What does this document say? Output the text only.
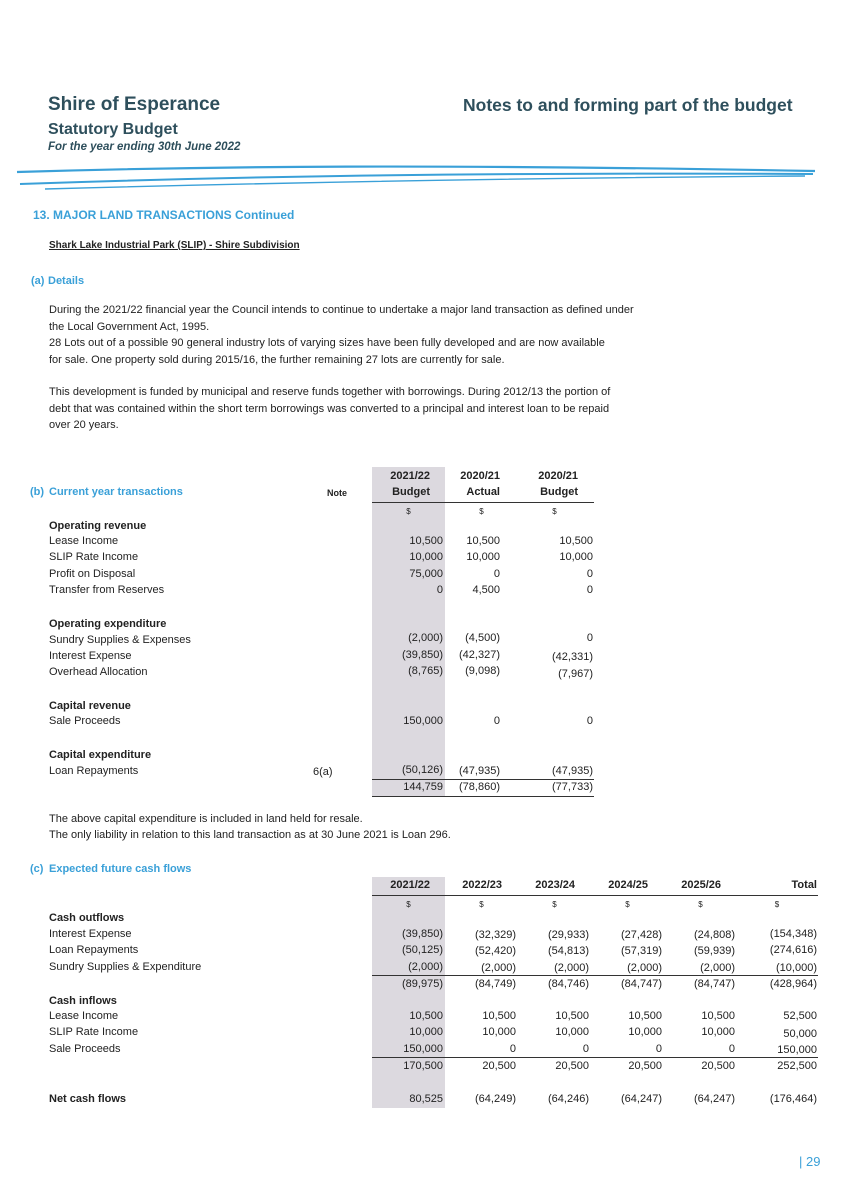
Shire of Esperance
Statutory Budget
For the year ending 30th June 2022
Notes to and forming part of the budget
13. MAJOR LAND TRANSACTIONS Continued
Shark Lake Industrial Park (SLIP) - Shire Subdivision
(a) Details
During the 2021/22 financial year the Council intends to continue to undertake a major land transaction as defined under
the Local Government Act, 1995.
28 Lots out of a possible 90 general industry lots of varying sizes have been fully developed and are now available
for sale. One property sold during 2015/16, the further remaining 27 lots are currently for sale.
This development is funded by municipal and reserve funds together with borrowings. During 2012/13 the portion of
debt that was contained within the short term borrowings was converted to a principal and interest loan to be repaid
over 20 years.
2021/22	2020/21	2020/21
(b) Current year transactions	Note	Budget	Actual	Budget
$	$	$
Operating revenue
Lease Income	10,500	10,500	10,500
SLIP Rate Income	10,000	10,000	10,000
Profit on Disposal	75,000	0	0
Transfer from Reserves	0	4,500	0
Operating expenditure
Sundry Supplies & Expenses	(2,000)	(4,500)	0
Interest Expense	(39,850)	(42,327)	(42,331)
Overhead Allocation	(8,765)	(9,098)	(7,967)
Capital revenue
Sale Proceeds	150,000	0	0
Capital expenditure
Loan Repayments	6(a)	(50,126)	(47,935)	(47,935)
144,759	(78,860)	(77,733)
The above capital expenditure is included in land held for resale.
The only liability in relation to this land transaction as at 30 June 2021 is Loan 296.
(c) Expected future cash flows
2021/22	2022/23	2023/24	2024/25	2025/26	Total
$	$	$	$	$	$
Cash outflows
Interest Expense	(39,850)	(32,329)	(29,933)	(27,428)	(24,808)	(154,348)
Loan Repayments	(50,125)	(52,420)	(54,813)	(57,319)	(59,939)	(274,616)
Sundry Supplies & Expenditure	(2,000)	(2,000)	(2,000)	(2,000)	(2,000)	(10,000)
(89,975)	(84,749)	(84,746)	(84,747)	(84,747)	(428,964)
Cash inflows
Lease Income	10,500	10,500	10,500	10,500	10,500	52,500
SLIP Rate Income	10,000	10,000	10,000	10,000	10,000	50,000
Sale Proceeds	150,000	0	0	0	0	150,000
170,500	20,500	20,500	20,500	20,500	252,500
Net cash flows	80,525	(64,249)	(64,246)	(64,247)	(64,247)	(176,464)
| 29
